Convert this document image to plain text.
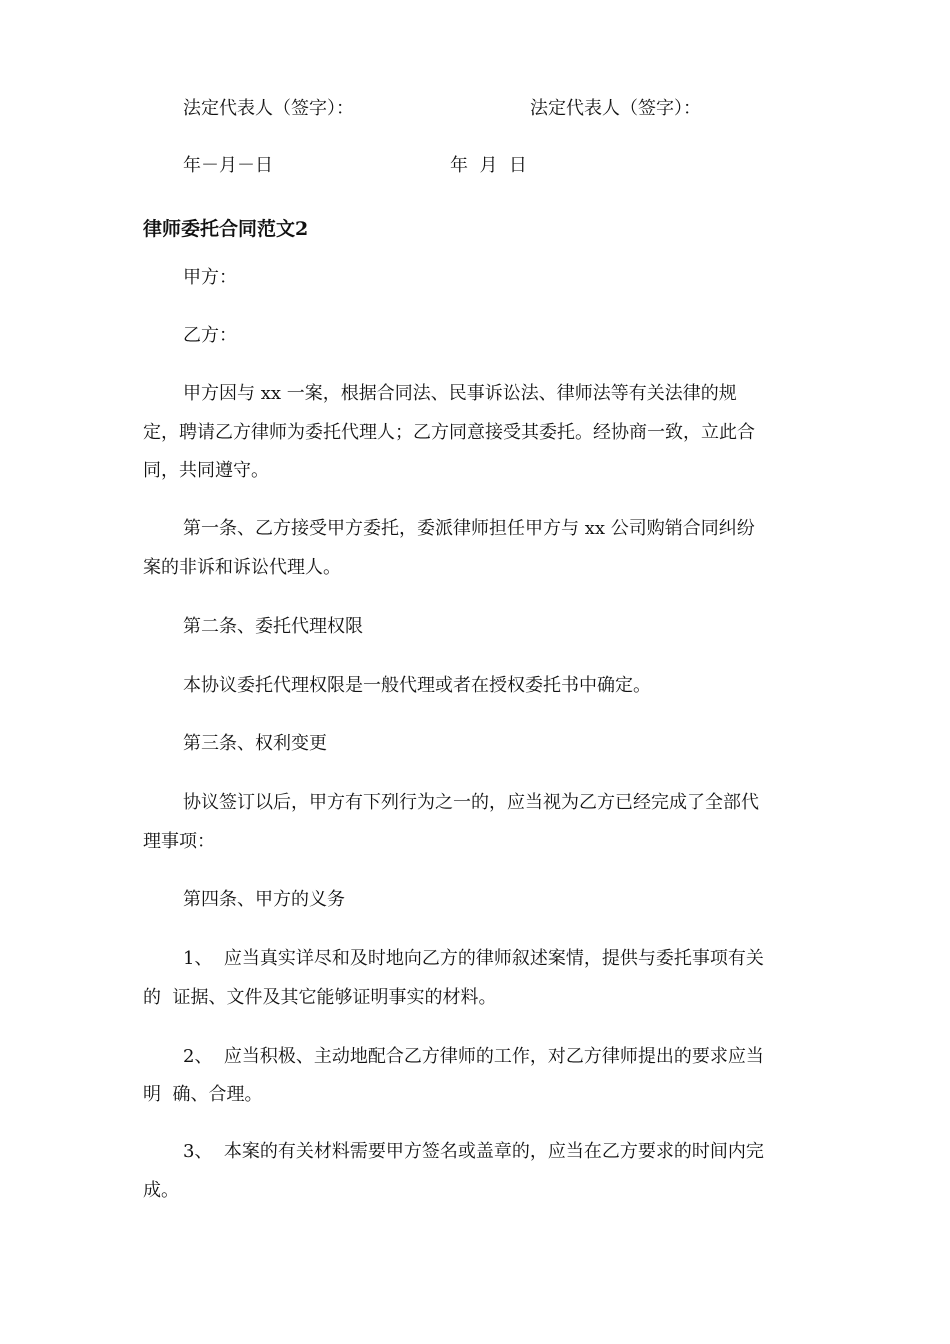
法定代表人（签字）：	法定代表人（签字）：
年－月－日	年  月  日
律师委托合同范文2
甲方：
乙方：
甲方因与 xx 一案，根据合同法、民事诉讼法、律师法等有关法律的规
定，聘请乙方律师为委托代理人；乙方同意接受其委托。经协商一致，立此合
同，共同遵守。
第一条、乙方接受甲方委托，委派律师担任甲方与 xx 公司购销合同纠纷
案的非诉和诉讼代理人。
第二条、委托代理权限
本协议委托代理权限是一般代理或者在授权委托书中确定。
第三条、权利变更
协议签订以后，甲方有下列行为之一的，应当视为乙方已经完成了全部代
理事项：
第四条、甲方的义务
1、  应当真实详尽和及时地向乙方的律师叙述案情，提供与委托事项有关
的  证据、文件及其它能够证明事实的材料。
2、  应当积极、主动地配合乙方律师的工作，对乙方律师提出的要求应当
明  确、合理。
3、  本案的有关材料需要甲方签名或盖章的，应当在乙方要求的时间内完
成。
